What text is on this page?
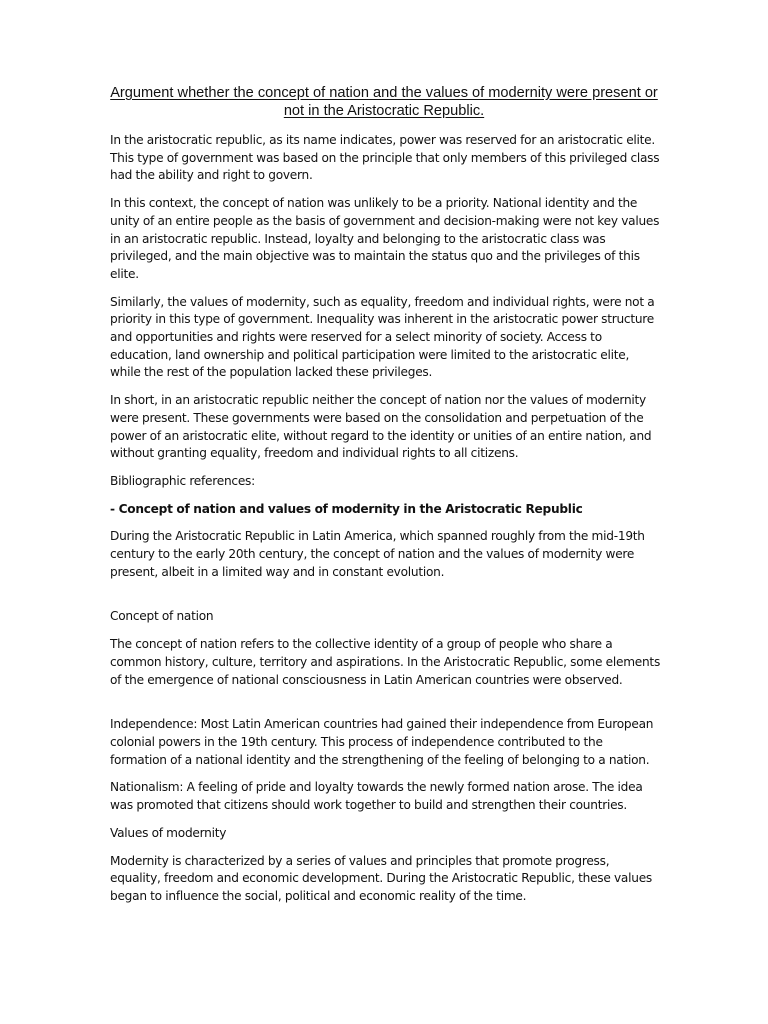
Argument whether the concept of nation and the values of modernity were present or not in the Aristocratic Republic.

In the aristocratic republic, as its name indicates, power was reserved for an aristocratic elite. This type of government was based on the principle that only members of this privileged class had the ability and right to govern.

In this context, the concept of nation was unlikely to be a priority. National identity and the unity of an entire people as the basis of government and decision-making were not key values in an aristocratic republic. Instead, loyalty and belonging to the aristocratic class was privileged, and the main objective was to maintain the status quo and the privileges of this elite.

Similarly, the values of modernity, such as equality, freedom and individual rights, were not a priority in this type of government. Inequality was inherent in the aristocratic power structure and opportunities and rights were reserved for a select minority of society. Access to education, land ownership and political participation were limited to the aristocratic elite, while the rest of the population lacked these privileges.

In short, in an aristocratic republic neither the concept of nation nor the values of modernity were present. These governments were based on the consolidation and perpetuation of the power of an aristocratic elite, without regard to the identity or unities of an entire nation, and without granting equality, freedom and individual rights to all citizens.

Bibliographic references:

- Concept of nation and values of modernity in the Aristocratic Republic

During the Aristocratic Republic in Latin America, which spanned roughly from the mid-19th century to the early 20th century, the concept of nation and the values of modernity were present, albeit in a limited way and in constant evolution.

Concept of nation

The concept of nation refers to the collective identity of a group of people who share a common history, culture, territory and aspirations. In the Aristocratic Republic, some elements of the emergence of national consciousness in Latin American countries were observed.

Independence: Most Latin American countries had gained their independence from European colonial powers in the 19th century. This process of independence contributed to the formation of a national identity and the strengthening of the feeling of belonging to a nation.

Nationalism: A feeling of pride and loyalty towards the newly formed nation arose. The idea was promoted that citizens should work together to build and strengthen their countries.

Values of modernity

Modernity is characterized by a series of values and principles that promote progress, equality, freedom and economic development. During the Aristocratic Republic, these values began to influence the social, political and economic reality of the time.
